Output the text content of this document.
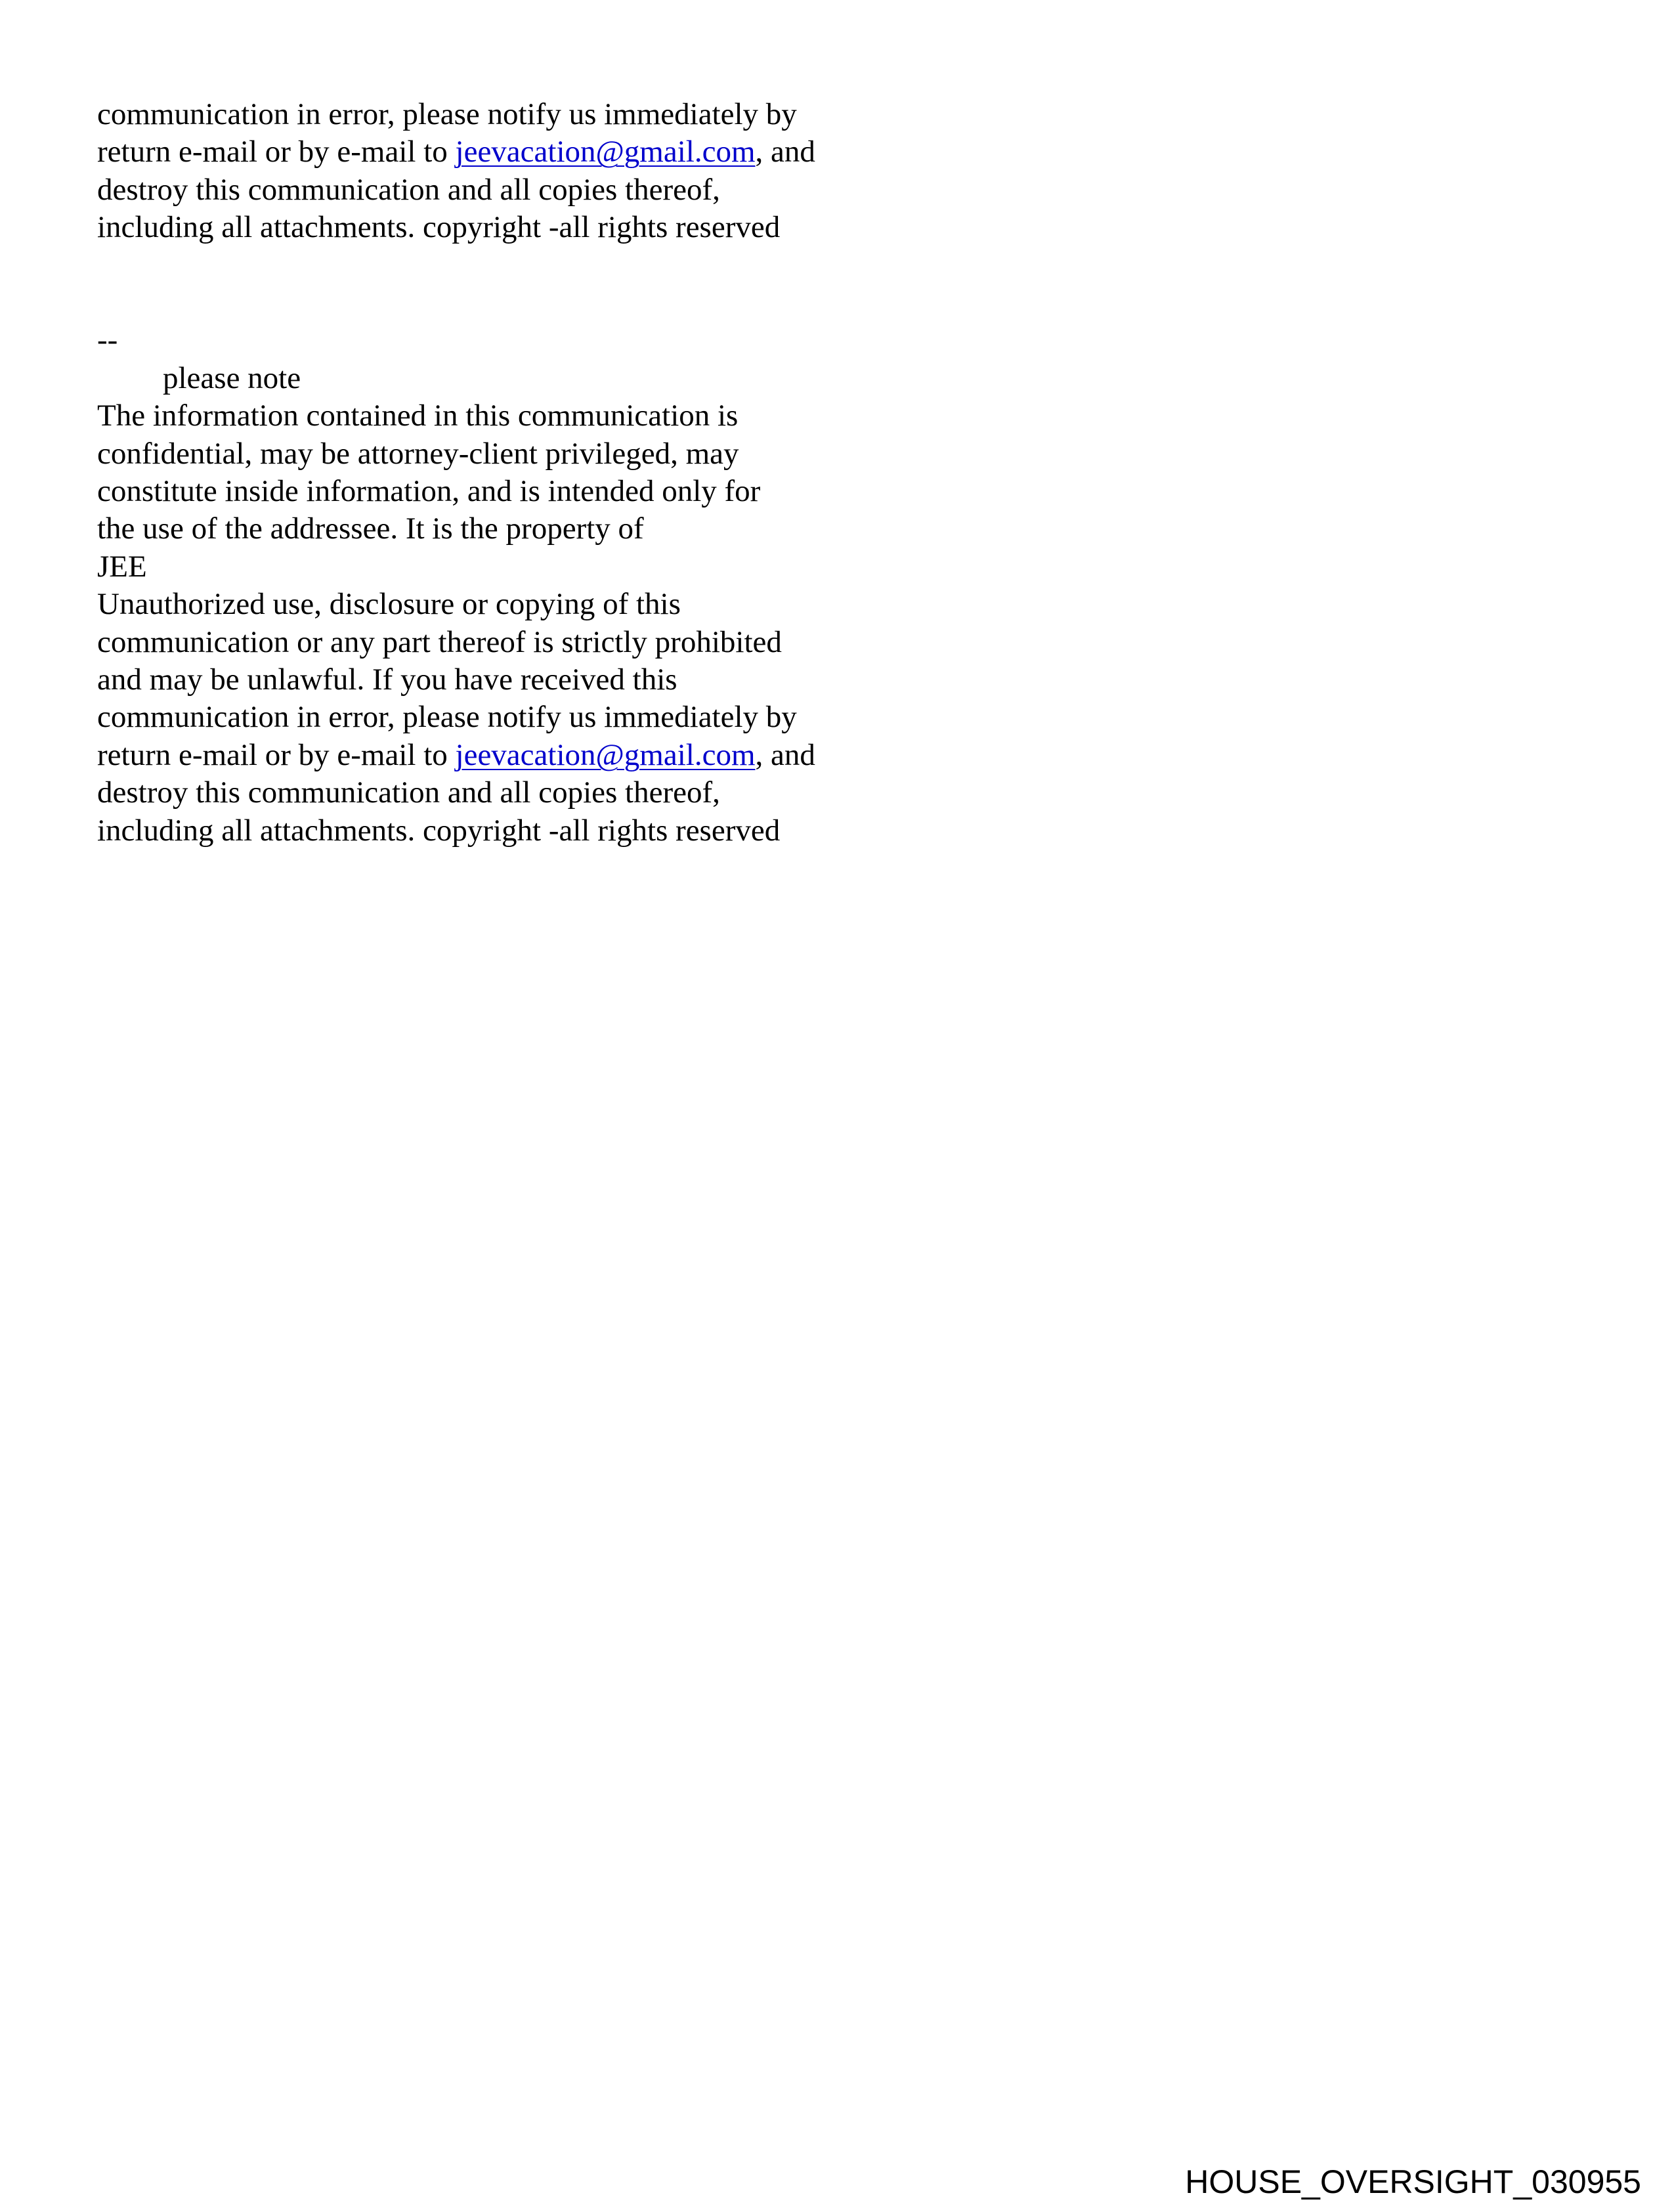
communication in error, please notify us immediately by
return e-mail or by e-mail to jeevacation@gmail.com, and
destroy this communication and all copies thereof,
including all attachments. copyright -all rights reserved
--
please note
The information contained in this communication is
confidential, may be attorney-client privileged, may
constitute inside information, and is intended only for
the use of the addressee. It is the property of
JEE
Unauthorized use, disclosure or copying of this
communication or any part thereof is strictly prohibited
and may be unlawful. If you have received this
communication in error, please notify us immediately by
return e-mail or by e-mail to jeevacation@gmail.com, and
destroy this communication and all copies thereof,
including all attachments. copyright -all rights reserved
HOUSE_OVERSIGHT_030955
